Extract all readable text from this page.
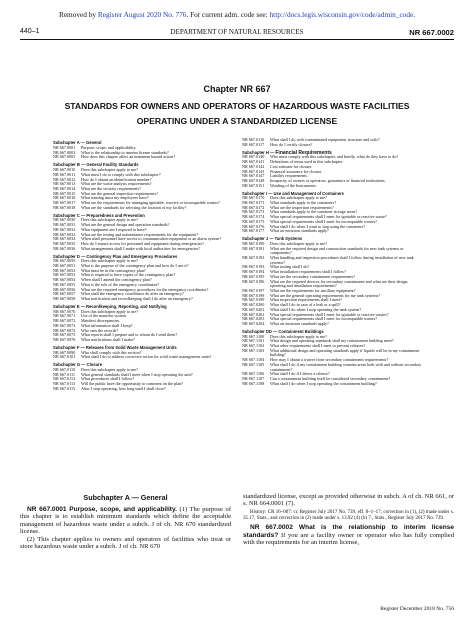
Removed by Register August 2020 No. 776. For current adm. code see: http://docs.legis.wisconsin.gov/code/admin_code.
440–1	DEPARTMENT OF NATURAL RESOURCES	NR 667.0002
Chapter NR 667
STANDARDS FOR OWNERS AND OPERATORS OF HAZARDOUS WASTE FACILITIES
OPERATING UNDER A STANDARDIZED LICENSE
Subchapter A — General
NR 667.0001	Purpose, scope, and applicability.
NR 667.0002	What is the relationship to interim license standards?
NR 667.0003	How does this chapter affect an imminent hazard action?
Subchapter B — General Facility Standards
NR 667.0010	Does this subchapter apply to me?
NR 667.0011	What must I do to comply with this subchapter?
NR 667.0012	How do I obtain an identification number?
NR 667.0013	What are the waste analysis requirements?
NR 667.0014	What are the security requirements?
NR 667.0015	What are the general inspection requirements?
NR 667.0016	What training must my employees have?
NR 667.0017	What are the requirements for managing ignitable, reactive or incompatible wastes?
NR 667.0018	What are the standards for selecting the location of my facility?
Subchapter C — Preparedness and Prevention
NR 667.0030	Does this subchapter apply to me?
NR 667.0031	What are the general design and operation standards?
NR 667.0032	What equipment am I required to have?
NR 667.0033	What are the testing and maintenance requirements for the equipment?
NR 667.0034	When shall personnel have access to communication equipment or an alarm system?
NR 667.0035	How do I ensure access for personnel and equipment during emergencies?
NR 667.0036	What arrangements shall I make with local authorities for emergencies?
Subchapter D — Contingency Plan and Emergency Procedures
NR 667.0050	Does this subchapter apply to me?
NR 667.0051	What is the purpose of the contingency plan and how do I use it?
NR 667.0052	What must be in the contingency plan?
NR 667.0053	What is required to have copies of the contingency plan?
NR 667.0054	When shall I amend the contingency plan?
NR 667.0055	What is the role of the emergency coordinator?
NR 667.0056	What are the required emergency procedures for the emergency coordinator?
NR 667.0057	What shall the emergency coordinator do after an emergency?
NR 667.0058	What notification and recordkeeping shall I do after an emergency?
Subchapter E — Recordkeeping, Reporting, and Notifying
NR 667.0070	Does this subchapter apply to me?
NR 667.0071	Use of the manifest system.
NR 667.0072	Manifest discrepancies.
NR 667.0073	What information shall I keep?
NR 667.0074	Who sees the records?
NR 667.0075	What reports shall I prepare and to whom do I send them?
NR 667.0076	What notifications shall I make?
Subchapter F — Releases from Solid Waste Management Units
NR 667.0090	Who shall comply with this section?
NR 667.0101	What shall I do to address corrective action for solid waste management units?
Subchapter G — Closure
NR 667.0110	Does this subchapter apply to me?
NR 667.0111	What general standards shall I meet when I stop operating the unit?
NR 667.0112	What procedures shall I follow?
NR 667.0113	Will the public have the opportunity to comment on the plan?
NR 667.0115	After I stop operating, how long until I shall close?
NR 667.0116	What shall I do with contaminated equipment, structure and soils?
NR 667.0117	How do I certify closure?
Subchapter H — Financial Requirements
NR 667.0140	Who must comply with this subchapter, and briefly, what do they have to do?
NR 667.0141	Definitions of terms used in this subchapter.
NR 667.0142	Cost estimate for closure.
NR 667.0143	Financial assurance for closure.
NR 667.0147	Liability requirements.
NR 667.0148	Incapacity of owners or operators, guarantors or financial institutions.
NR 667.0151	Wording of the Instruments.
Subchapter I — Use and Management of Containers
NR 667.0170	Does this subchapter apply to me?
NR 667.0171	What standards apply to the containers?
NR 667.0172	What are the inspection requirements?
NR 667.0173	What standards apply to the container storage areas?
NR 667.0174	What special requirements shall I meet for ignitable or reactive waste?
NR 667.0175	What special requirements shall I meet for incompatible wastes?
NR 667.0176	What shall I do when I want to stop using the containers?
NR 667.0177	What air emission standards apply?
Subchapter J — Tank Systems
NR 667.0190	Does this subchapter apply to me?
NR 667.0191	What are the required design and construction standards for new tank systems or components?
NR 667.0192	What handling and inspection procedures shall I follow during installation of new tank systems?
NR 667.0193	What testing shall I do?
NR 667.0194	What installation requirements shall I follow?
NR 667.0195	What are the secondary containment requirements?
NR 667.0196	What are the required devices for secondary containment and what are their design, operating and installation requirements?
NR 667.0197	What are the requirements for ancillary equipment?
NR 667.0198	What are the general operating requirements for my tank systems?
NR 667.0199	What inspection requirements shall I meet?
NR 667.0200	What shall I do in case of a leak or a spill?
NR 667.0201	What shall I do when I stop operating the tank system?
NR 667.0202	What special requirements shall I meet for ignitable or reactive wastes?
NR 667.0203	What special requirements shall I meet for incompatible wastes?
NR 667.0204	What air emission standards apply?
Subchapter DD — Containment Buildings
NR 667.1100	Does this subchapter apply to me?
NR 667.1101	What design and operating standards shall my containment building meet?
NR 667.1102	What other requirements shall I meet to prevent releases?
NR 667.1103	What additional design and operating standards apply if liquids will be in my containment building?
NR 667.1104	How may I obtain a waiver from secondary containment requirements?
NR 667.1105	What shall I do if my containment building contains areas both with and without secondary containment?
NR 667.1106	What shall I do if I detect a release?
NR 667.1107	Can a containment building itself be considered secondary containment?
NR 667.1108	What shall I do when I stop operating the containment building?
Subchapter A — General

NR 667.0001 Purpose, scope, and applicability. (1) The purpose of this chapter is to establish minimum standards which define the acceptable management of hazardous waste under a subch. J of ch. NR 670 standardized license.

(2) This chapter applies to owners and operators of facilities who treat or store hazardous waste under a subch. J of ch. NR 670

standardized license, except as provided otherwise in subch. A of ch. NR 661, or s. NR 664.0001 (7).

History: CR 16–007: cr. Register July 2017 No. 739, eff. 8–1–17; correction in (1), (2) made under s. 35.17, Stats., and correction in (2) made under s. 13.92 (4) (b) 7., Stats., Register July 2017 No. 739.

NR 667.0002 What is the relationship to interim license standards? If you are a facility owner or operator who has fully complied with the requirements for an interim license,

Register December 2018 No. 756
